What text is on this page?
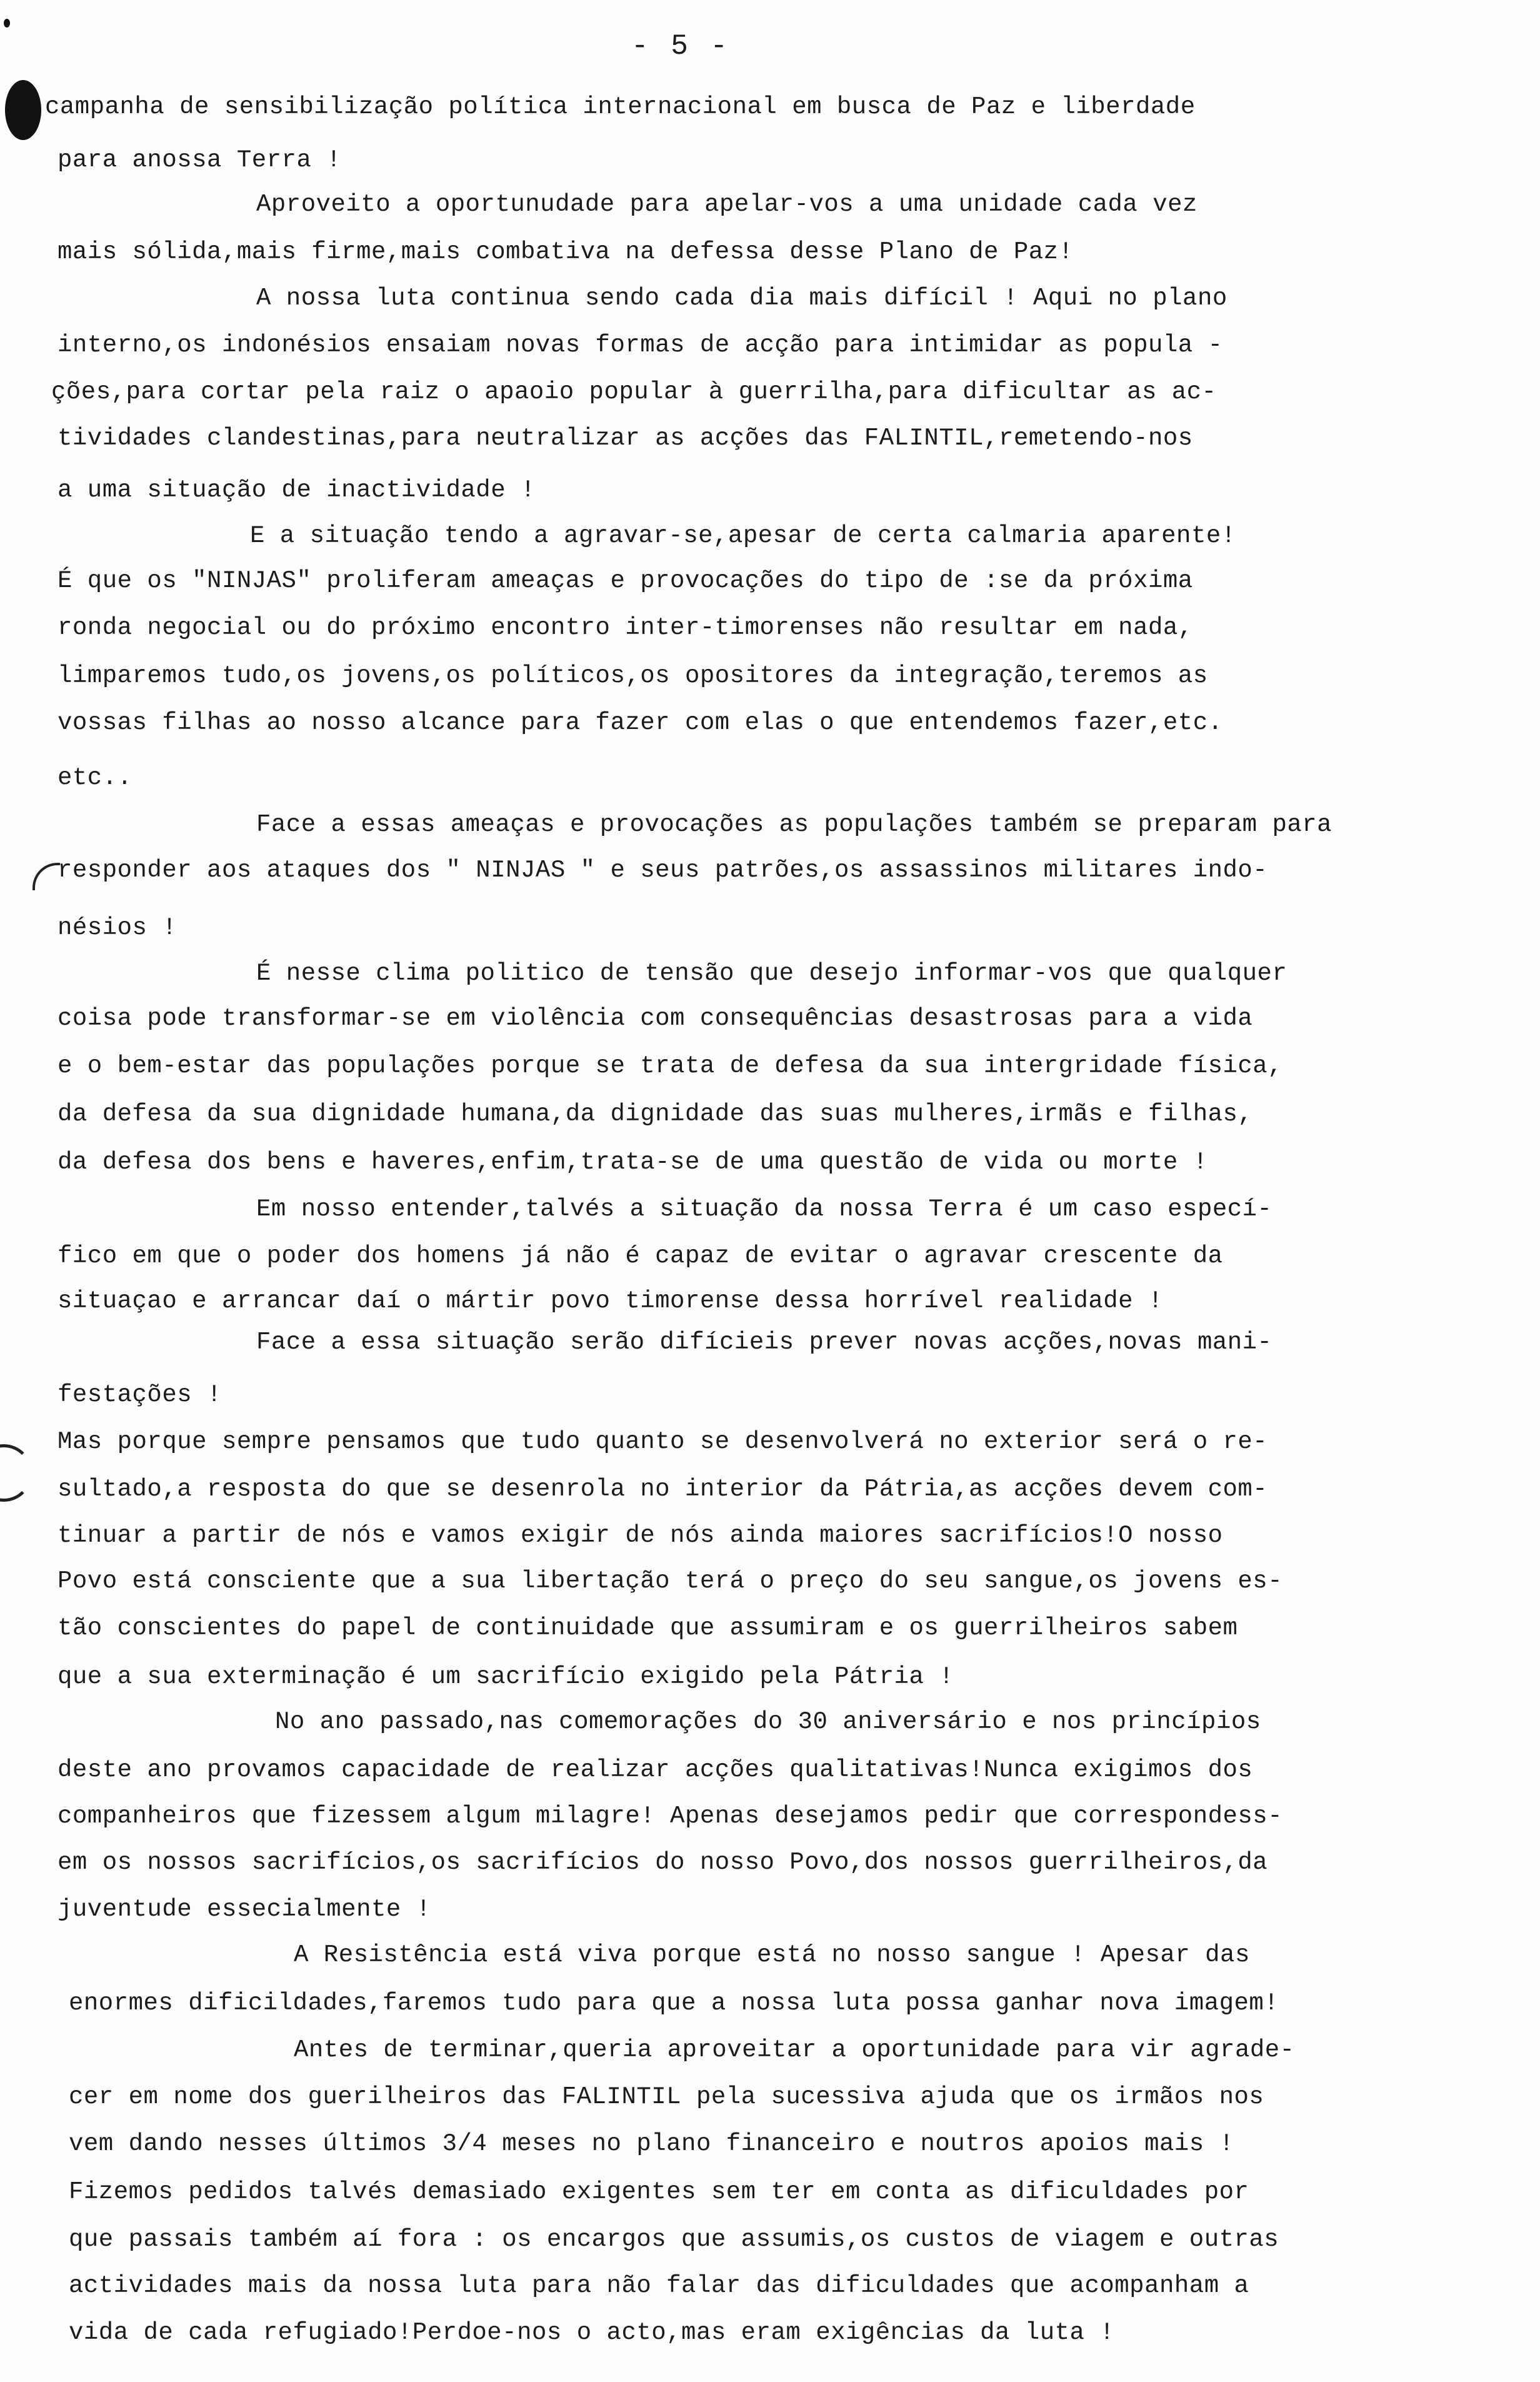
- 5 -
campanha de sensibilização política internacional em busca de Paz e liberdade
para anossa Terra !
Aproveito a oportunudade para apelar-vos a uma unidade cada vez
mais sólida,mais firme,mais combativa na defessa desse Plano de Paz!
A nossa luta continua sendo cada dia mais difícil ! Aqui no plano
interno,os indonésios ensaiam novas formas de acção para intimidar as popula -
ções,para cortar pela raiz o apaoio popular à guerrilha,para dificultar as ac-
tividades clandestinas,para neutralizar as acções das FALINTIL,remetendo-nos
a uma situação de inactividade !
E a situação tendo a agravar-se,apesar de certa calmaria aparente!
É que os "NINJAS" proliferam ameaças e provocações do tipo de :se da próxima
ronda negocial ou do próximo encontro inter-timorenses não resultar em nada,
limparemos tudo,os jovens,os políticos,os opositores da integração,teremos as
vossas filhas ao nosso alcance para fazer com elas o que entendemos fazer,etc.
etc..
Face a essas ameaças e provocações as populações também se preparam para
responder aos ataques dos " NINJAS " e seus patrões,os assassinos militares indo-
nésios !
É nesse clima politico de tensão que desejo informar-vos que qualquer
coisa pode transformar-se em violência com consequências desastrosas para a vida
e o bem-estar das populações porque se trata de defesa da sua intergridade física,
da defesa da sua dignidade humana,da dignidade das suas mulheres,irmãs e filhas,
da defesa dos bens e haveres,enfim,trata-se de uma questão de vida ou morte !
Em nosso entender,talvés a situação da nossa Terra é um caso especí-
fico em que o poder dos homens já não é capaz de evitar o agravar crescente da
situaçao e arrancar daí o mártir povo timorense dessa horrível realidade !
Face a essa situação serão difícieis prever novas acções,novas mani-
festações !
Mas porque sempre pensamos que tudo quanto se desenvolverá no exterior será o re-
sultado,a resposta do que se desenrola no interior da Pátria,as acções devem com-
tinuar a partir de nós e vamos exigir de nós ainda maiores sacrifícios!O nosso
Povo está consciente que a sua libertação terá o preço do seu sangue,os jovens es-
tão conscientes do papel de continuidade que assumiram e os guerrilheiros sabem
que a sua exterminação é um sacrifício exigido pela Pátria !
No ano passado,nas comemorações do 30 aniversário e nos princípios
deste ano provamos capacidade de realizar acções qualitativas!Nunca exigimos dos
companheiros que fizessem algum milagre! Apenas desejamos pedir que correspondess-
em os nossos sacrifícios,os sacrifícios do nosso Povo,dos nossos guerrilheiros,da
juventude essecialmente !
A Resistência está viva porque está no nosso sangue ! Apesar das
enormes dificildades,faremos tudo para que a nossa luta possa ganhar nova imagem!
Antes de terminar,queria aproveitar a oportunidade para vir agrade-
cer em nome dos guerilheiros das FALINTIL pela sucessiva ajuda que os irmãos nos
vem dando nesses últimos 3/4 meses no plano financeiro e noutros apoios mais !
Fizemos pedidos talvés demasiado exigentes sem ter em conta as dificuldades por
que passais também aí fora : os encargos que assumis,os custos de viagem e outras
actividades mais da nossa luta para não falar das dificuldades que acompanham a
vida de cada refugiado!Perdoe-nos o acto,mas eram exigências da luta !
